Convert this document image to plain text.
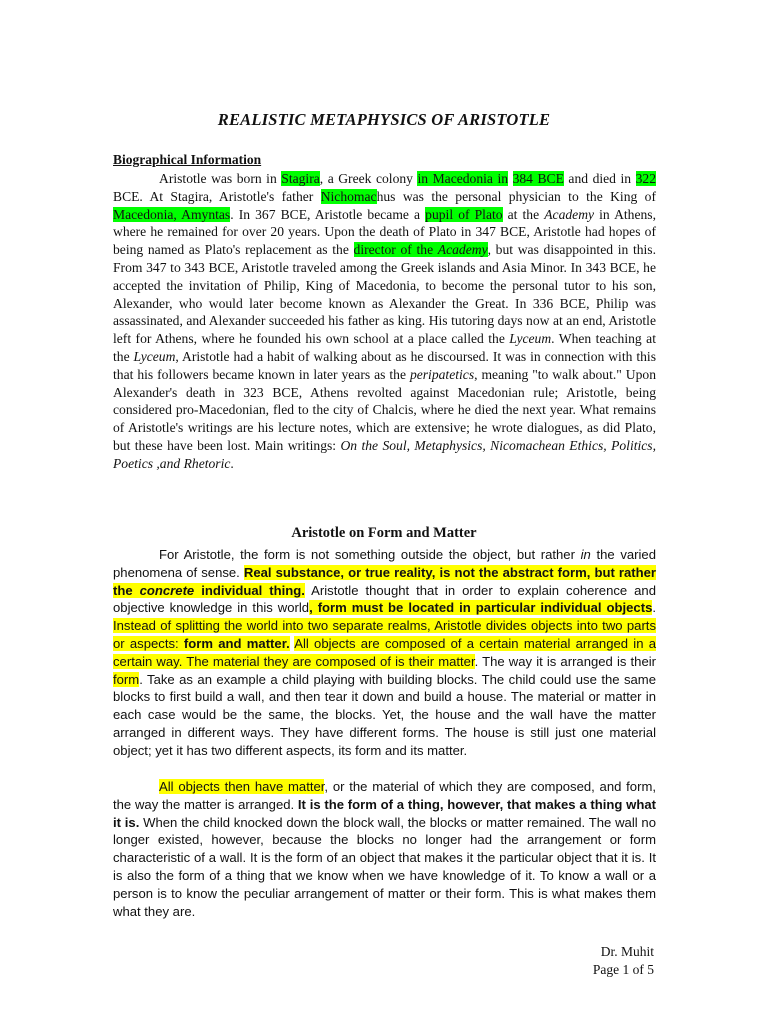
REALISTIC METAPHYSICS OF ARISTOTLE
Biographical Information
Aristotle was born in Stagira, a Greek colony in Macedonia in 384 BCE and died in 322 BCE. At Stagira, Aristotle's father Nichomachus was the personal physician to the King of Macedonia, Amyntas. In 367 BCE, Aristotle became a pupil of Plato at the Academy in Athens, where he remained for over 20 years. Upon the death of Plato in 347 BCE, Aristotle had hopes of being named as Plato's replacement as the director of the Academy, but was disappointed in this. From 347 to 343 BCE, Aristotle traveled among the Greek islands and Asia Minor. In 343 BCE, he accepted the invitation of Philip, King of Macedonia, to become the personal tutor to his son, Alexander, who would later become known as Alexander the Great. In 336 BCE, Philip was assassinated, and Alexander succeeded his father as king. His tutoring days now at an end, Aristotle left for Athens, where he founded his own school at a place called the Lyceum. When teaching at the Lyceum, Aristotle had a habit of walking about as he discoursed. It was in connection with this that his followers became known in later years as the peripatetics, meaning "to walk about." Upon Alexander's death in 323 BCE, Athens revolted against Macedonian rule; Aristotle, being considered pro-Macedonian, fled to the city of Chalcis, where he died the next year. What remains of Aristotle's writings are his lecture notes, which are extensive; he wrote dialogues, as did Plato, but these have been lost. Main writings: On the Soul, Metaphysics, Nicomachean Ethics, Politics, Poetics ,and Rhetoric.
Aristotle on Form and Matter
For Aristotle, the form is not something outside the object, but rather in the varied phenomena of sense. Real substance, or true reality, is not the abstract form, but rather the concrete individual thing. Aristotle thought that in order to explain coherence and objective knowledge in this world, form must be located in particular individual objects. Instead of splitting the world into two separate realms, Aristotle divides objects into two parts or aspects: form and matter. All objects are composed of a certain material arranged in a certain way. The material they are composed of is their matter. The way it is arranged is their form. Take as an example a child playing with building blocks. The child could use the same blocks to first build a wall, and then tear it down and build a house. The material or matter in each case would be the same, the blocks. Yet, the house and the wall have the matter arranged in different ways. They have different forms. The house is still just one material object; yet it has two different aspects, its form and its matter.
All objects then have matter, or the material of which they are composed, and form, the way the matter is arranged. It is the form of a thing, however, that makes a thing what it is. When the child knocked down the block wall, the blocks or matter remained. The wall no longer existed, however, because the blocks no longer had the arrangement or form characteristic of a wall. It is the form of an object that makes it the particular object that it is. It is also the form of a thing that we know when we have knowledge of it. To know a wall or a person is to know the peculiar arrangement of matter or their form. This is what makes them what they are.
Dr. Muhit
Page 1 of 5
